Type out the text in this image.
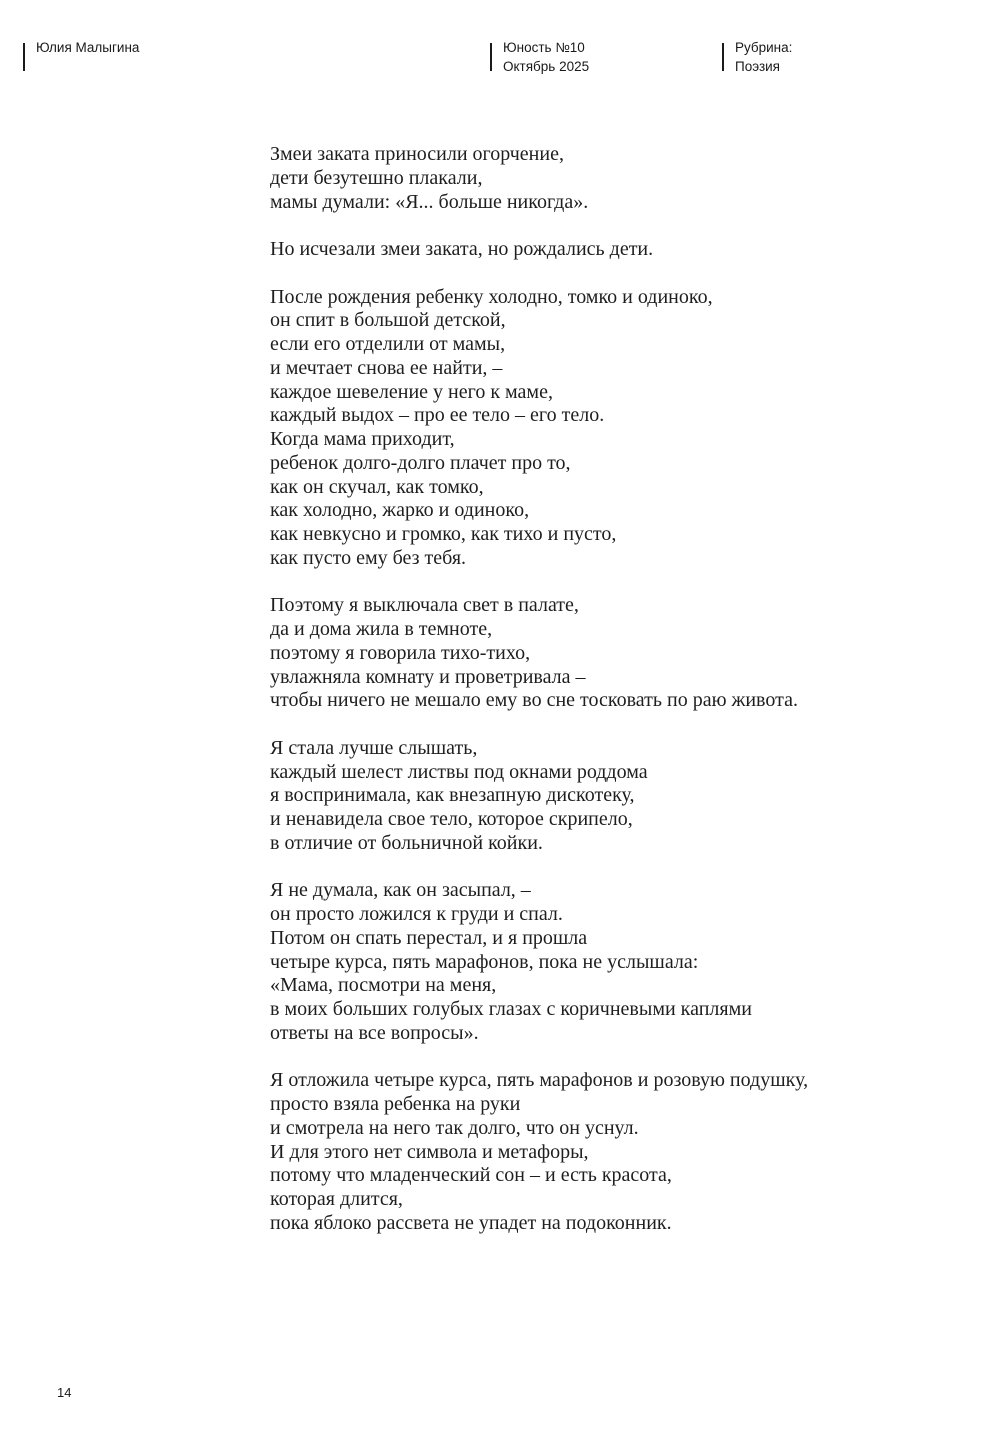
Юлия Малыгина	Юность №10
Октябрь 2025
Рубрина:
Поэзия
Змеи заката приносили огорчение,
дети безутешно плакали,
мамы думали: «Я... больше никогда».
Но исчезали змеи заката, но рождались дети.
После рождения ребенку холодно, томко и одиноко,
он спит в большой детской,
если его отделили от мамы,
и мечтает снова ее найти, –
каждое шевеление у него к маме,
каждый выдох – про ее тело – его тело.
Когда мама приходит,
ребенок долго-долго плачет про то,
как он скучал, как томко,
как холодно, жарко и одиноко,
как невкусно и громко, как тихо и пусто,
как пусто ему без тебя.
Поэтому я выключала свет в палате,
да и дома жила в темноте,
поэтому я говорила тихо-тихо,
увлажняла комнату и проветривала –
чтобы ничего не мешало ему во сне тосковать по раю живота.
Я стала лучше слышать,
каждый шелест листвы под окнами роддома
я воспринимала, как внезапную дискотеку,
и ненавидела свое тело, которое скрипело,
в отличие от больничной койки.
Я не думала, как он засыпал, –
он просто ложился к груди и спал.
Потом он спать перестал, и я прошла
четыре курса, пять марафонов, пока не услышала:
«Мама, посмотри на меня,
в моих больших голубых глазах с коричневыми каплями
ответы на все вопросы».
Я отложила четыре курса, пять марафонов и розовую подушку,
просто взяла ребенка на руки
и смотрела на него так долго, что он уснул.
И для этого нет символа и метафоры,
потому что младенческий сон – и есть красота,
которая длится,
пока яблоко рассвета не упадет на подоконник.
14
